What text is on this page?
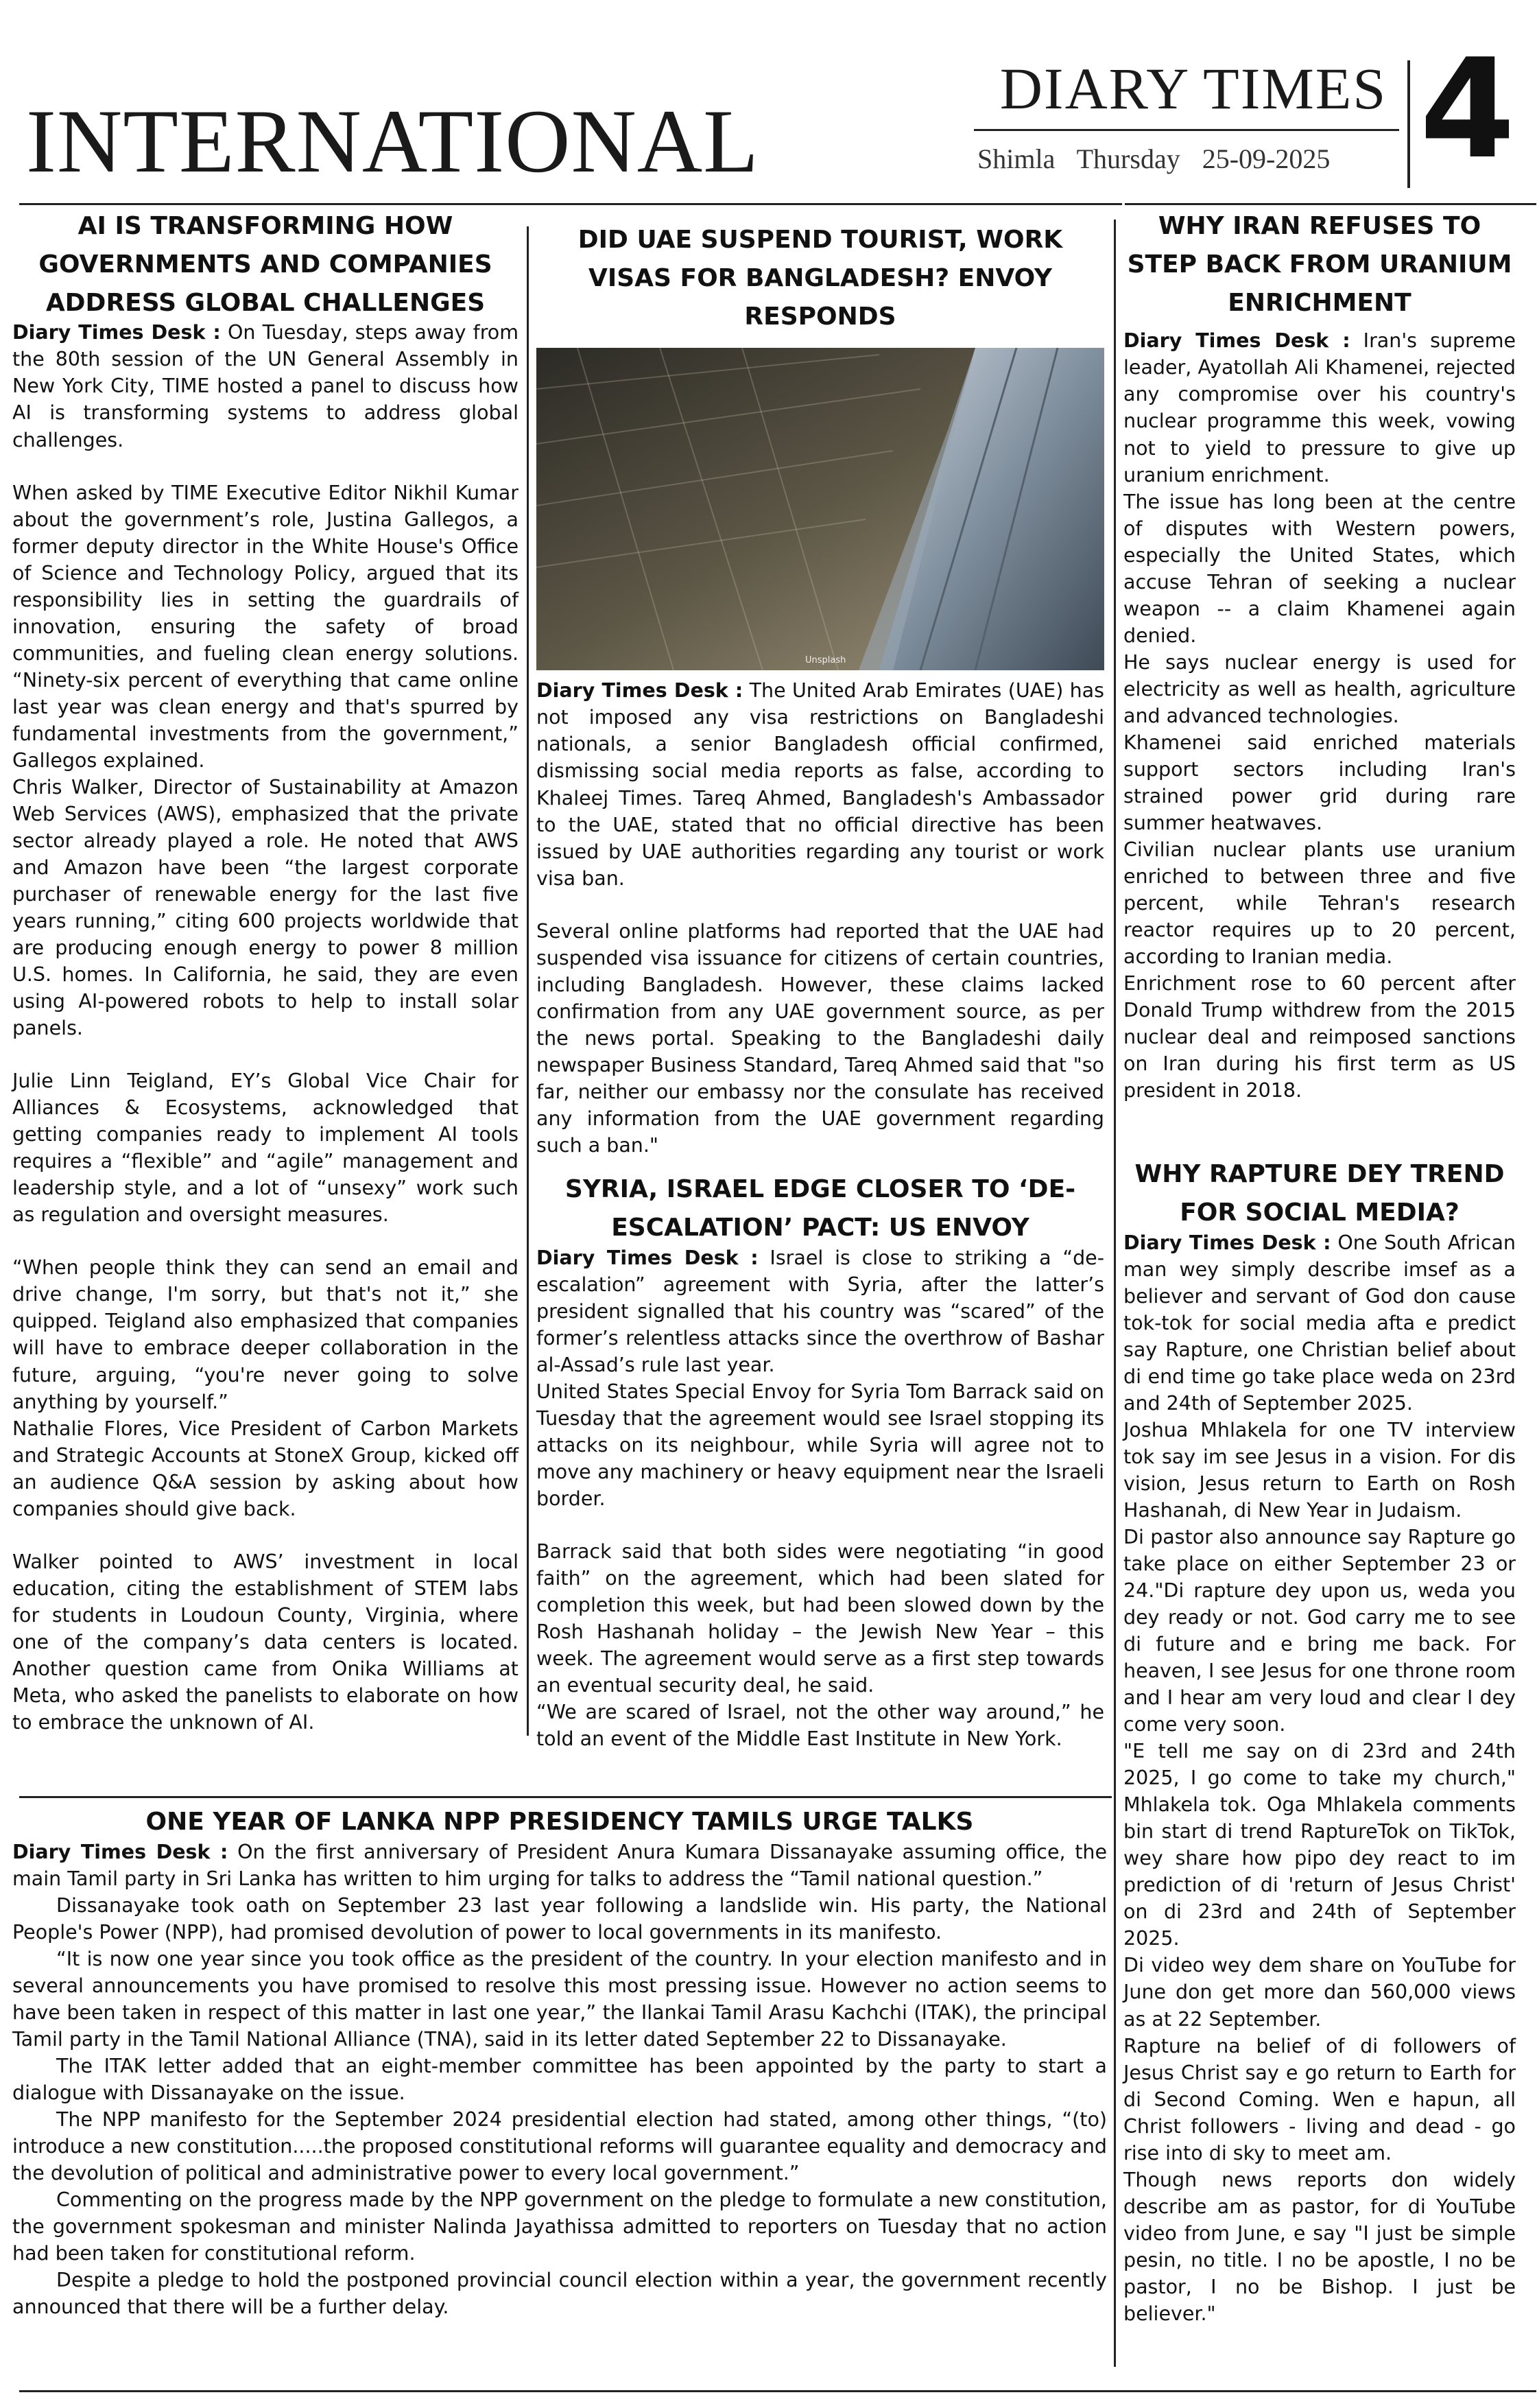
INTERNATIONAL
DIARY TIMES
Shimla Thursday 25-09-2025 4
AI IS TRANSFORMING HOW GOVERNMENTS AND COMPANIES ADDRESS GLOBAL CHALLENGES

Diary Times Desk : On Tuesday, steps away from the 80th session of the UN General Assembly in New York City, TIME hosted a panel to discuss how AI is transforming systems to address global challenges.

When asked by TIME Executive Editor Nikhil Kumar about the government’s role, Justina Gallegos, a former deputy director in the White House's Office of Science and Technology Policy, argued that its responsibility lies in setting the guardrails of innovation, ensuring the safety of broad communities, and fueling clean energy solutions. “Ninety-six percent of everything that came online last year was clean energy and that's spurred by fundamental investments from the government,” Gallegos explained.

Chris Walker, Director of Sustainability at Amazon Web Services (AWS), emphasized that the private sector already played a role. He noted that AWS and Amazon have been “the largest corporate purchaser of renewable energy for the last five years running,” citing 600 projects worldwide that are producing enough energy to power 8 million U.S. homes. In California, he said, they are even using AI-powered robots to help to install solar panels.

Julie Linn Teigland, EY’s Global Vice Chair for Alliances & Ecosystems, acknowledged that getting companies ready to implement AI tools requires a “flexible” and “agile” management and leadership style, and a lot of “unsexy” work such as regulation and oversight measures.

“When people think they can send an email and drive change, I'm sorry, but that's not it,” she quipped. Teigland also emphasized that companies will have to embrace deeper collaboration in the future, arguing, “you're never going to solve anything by yourself.”

Nathalie Flores, Vice President of Carbon Markets and Strategic Accounts at StoneX Group, kicked off an audience Q&A session by asking about how companies should give back.

Walker pointed to AWS’ investment in local education, citing the establishment of STEM labs for students in Loudoun County, Virginia, where one of the company’s data centers is located. Another question came from Onika Williams at Meta, who asked the panelists to elaborate on how to embrace the unknown of AI.

DID UAE SUSPEND TOURIST, WORK VISAS FOR BANGLADESH? ENVOY RESPONDS
Unsplash

Diary Times Desk : The United Arab Emirates (UAE) has not imposed any visa restrictions on Bangladeshi nationals, a senior Bangladesh official confirmed, dismissing social media reports as false, according to Khaleej Times. Tareq Ahmed, Bangladesh's Ambassador to the UAE, stated that no official directive has been issued by UAE authorities regarding any tourist or work visa ban.

Several online platforms had reported that the UAE had suspended visa issuance for citizens of certain countries, including Bangladesh. However, these claims lacked confirmation from any UAE government source, as per the news portal. Speaking to the Bangladeshi daily newspaper Business Standard, Tareq Ahmed said that "so far, neither our embassy nor the consulate has received any information from the UAE government regarding such a ban."

SYRIA, ISRAEL EDGE CLOSER TO ‘DE-ESCALATION’ PACT: US ENVOY

Diary Times Desk : Israel is close to striking a “de-escalation” agreement with Syria, after the latter’s president signalled that his country was “scared” of the former’s relentless attacks since the overthrow of Bashar al-Assad’s rule last year.

United States Special Envoy for Syria Tom Barrack said on Tuesday that the agreement would see Israel stopping its attacks on its neighbour, while Syria will agree not to move any machinery or heavy equipment near the Israeli border.

Barrack said that both sides were negotiating “in good faith” on the agreement, which had been slated for completion this week, but had been slowed down by the Rosh Hashanah holiday – the Jewish New Year – this week. The agreement would serve as a first step towards an eventual security deal, he said.

“We are scared of Israel, not the other way around,” he told an event of the Middle East Institute in New York.

WHY IRAN REFUSES TO STEP BACK FROM URANIUM ENRICHMENT

Diary Times Desk : Iran's supreme leader, Ayatollah Ali Khamenei, rejected any compromise over his country's nuclear programme this week, vowing not to yield to pressure to give up uranium enrichment.

The issue has long been at the centre of disputes with Western powers, especially the United States, which accuse Tehran of seeking a nuclear weapon -- a claim Khamenei again denied.

He says nuclear energy is used for electricity as well as health, agriculture and advanced technologies.

Khamenei said enriched materials support sectors including Iran's strained power grid during rare summer heatwaves.

Civilian nuclear plants use uranium enriched to between three and five percent, while Tehran's research reactor requires up to 20 percent, according to Iranian media.

Enrichment rose to 60 percent after Donald Trump withdrew from the 2015 nuclear deal and reimposed sanctions on Iran during his first term as US president in 2018.

WHY RAPTURE DEY TREND FOR SOCIAL MEDIA?

Diary Times Desk : One South African man wey simply describe imsef as a believer and servant of God don cause tok-tok for social media afta e predict say Rapture, one Christian belief about di end time go take place weda on 23rd and 24th of September 2025.

Joshua Mhlakela for one TV interview tok say im see Jesus in a vision. For dis vision, Jesus return to Earth on Rosh Hashanah, di New Year in Judaism.

Di pastor also announce say Rapture go take place on either September 23 or 24."Di rapture dey upon us, weda you dey ready or not. God carry me to see di future and e bring me back. For heaven, I see Jesus for one throne room and I hear am very loud and clear I dey come very soon.

"E tell me say on di 23rd and 24th 2025, I go come to take my church," Mhlakela tok. Oga Mhlakela comments bin start di trend RaptureTok on TikTok, wey share how pipo dey react to im prediction of di 'return of Jesus Christ' on di 23rd and 24th of September 2025.

Di video wey dem share on YouTube for June don get more dan 560,000 views as at 22 September.

Rapture na belief of di followers of Jesus Christ say e go return to Earth for di Second Coming. Wen e hapun, all Christ followers - living and dead - go rise into di sky to meet am.

Though news reports don widely describe am as pastor, for di YouTube video from June, e say "I just be simple pesin, no title. I no be apostle, I no be pastor, I no be Bishop. I just be believer."

ONE YEAR OF LANKA NPP PRESIDENCY TAMILS URGE TALKS

Diary Times Desk : On the first anniversary of President Anura Kumara Dissanayake assuming office, the main Tamil party in Sri Lanka has written to him urging for talks to address the “Tamil national question.”

Dissanayake took oath on September 23 last year following a landslide win. His party, the National People's Power (NPP), had promised devolution of power to local governments in its manifesto.

“It is now one year since you took office as the president of the country. In your election manifesto and in several announcements you have promised to resolve this most pressing issue. However no action seems to have been taken in respect of this matter in last one year,” the Ilankai Tamil Arasu Kachchi (ITAK), the principal Tamil party in the Tamil National Alliance (TNA), said in its letter dated September 22 to Dissanayake.

The ITAK letter added that an eight-member committee has been appointed by the party to start a dialogue with Dissanayake on the issue.

The NPP manifesto for the September 2024 presidential election had stated, among other things, “(to) introduce a new constitution.....the proposed constitutional reforms will guarantee equality and democracy and the devolution of political and administrative power to every local government.”

Commenting on the progress made by the NPP government on the pledge to formulate a new constitution, the government spokesman and minister Nalinda Jayathissa admitted to reporters on Tuesday that no action had been taken for constitutional reform.

Despite a pledge to hold the postponed provincial council election within a year, the government recently announced that there will be a further delay.
